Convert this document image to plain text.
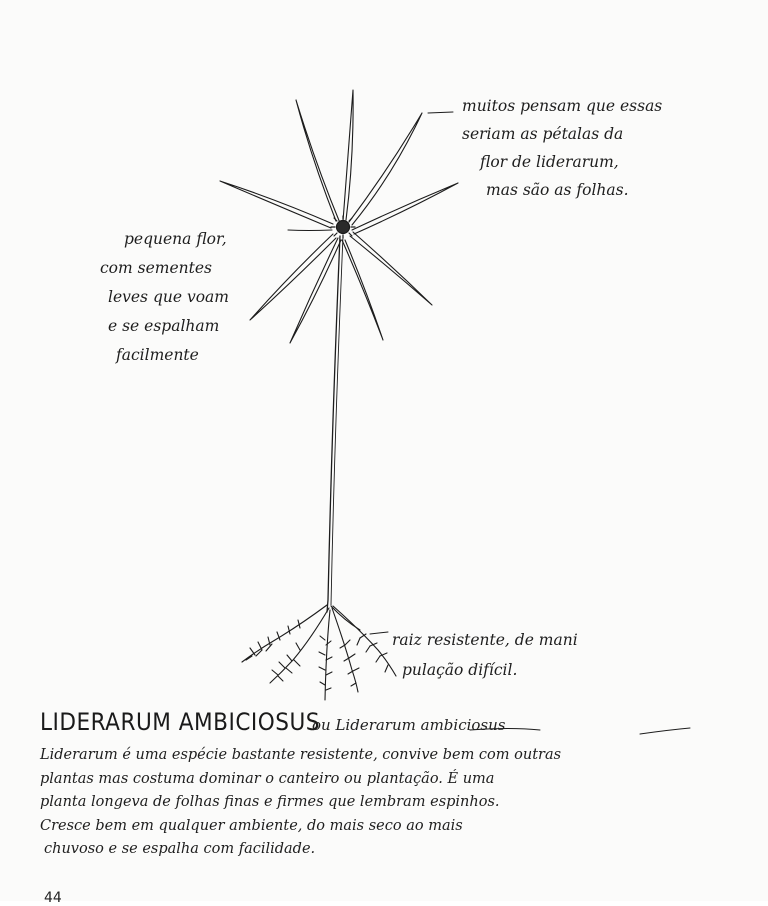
muitos pensam que essas
seriam as pétalas da
flor de liderarum,
mas são as folhas.
pequena flor,
com sementes
leves que voam
e se espalham
facilmente
raiz resistente, de mani
pulação difícil.
LIDERARUM AMBICIOSUS
ou Liderarum ambiciosus
Liderarum é uma espécie bastante resistente, convive bem com outras
plantas mas costuma dominar o canteiro ou plantação. É uma
planta longeva de folhas finas e firmes que lembram espinhos.
Cresce bem em qualquer ambiente, do mais seco ao mais
chuvoso e se espalha com facilidade.
44
